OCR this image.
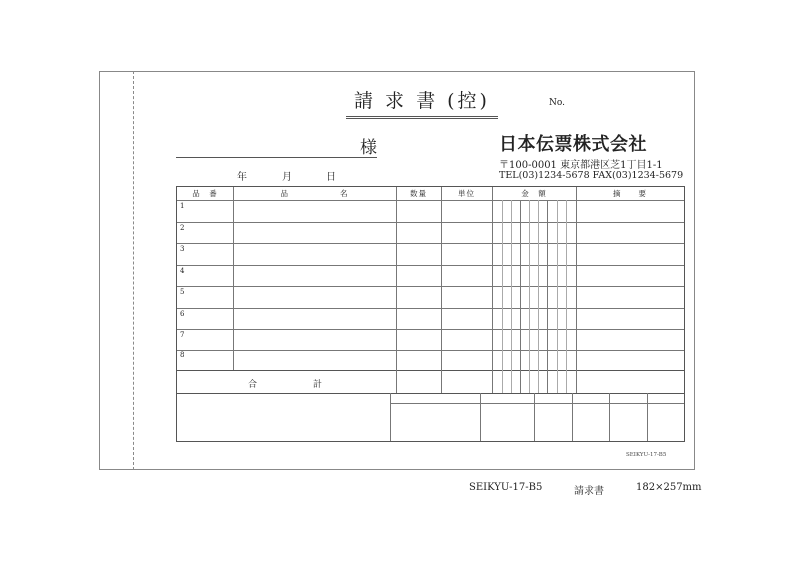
請 求 書 (控)	No.
様
年	月	日
日本伝票株式会社
〒100-0001 東京都港区芝1丁目1-1
TEL(03)1234-5678 FAX(03)1234-5679
品　番	品　　　　　　名	数量	単位	金　額	摘　　要
1
2
3
4
5
6
7
8
合	計
SEIKYU-17-B5
SEIKYU-17-B5	請求書	182×257mm
